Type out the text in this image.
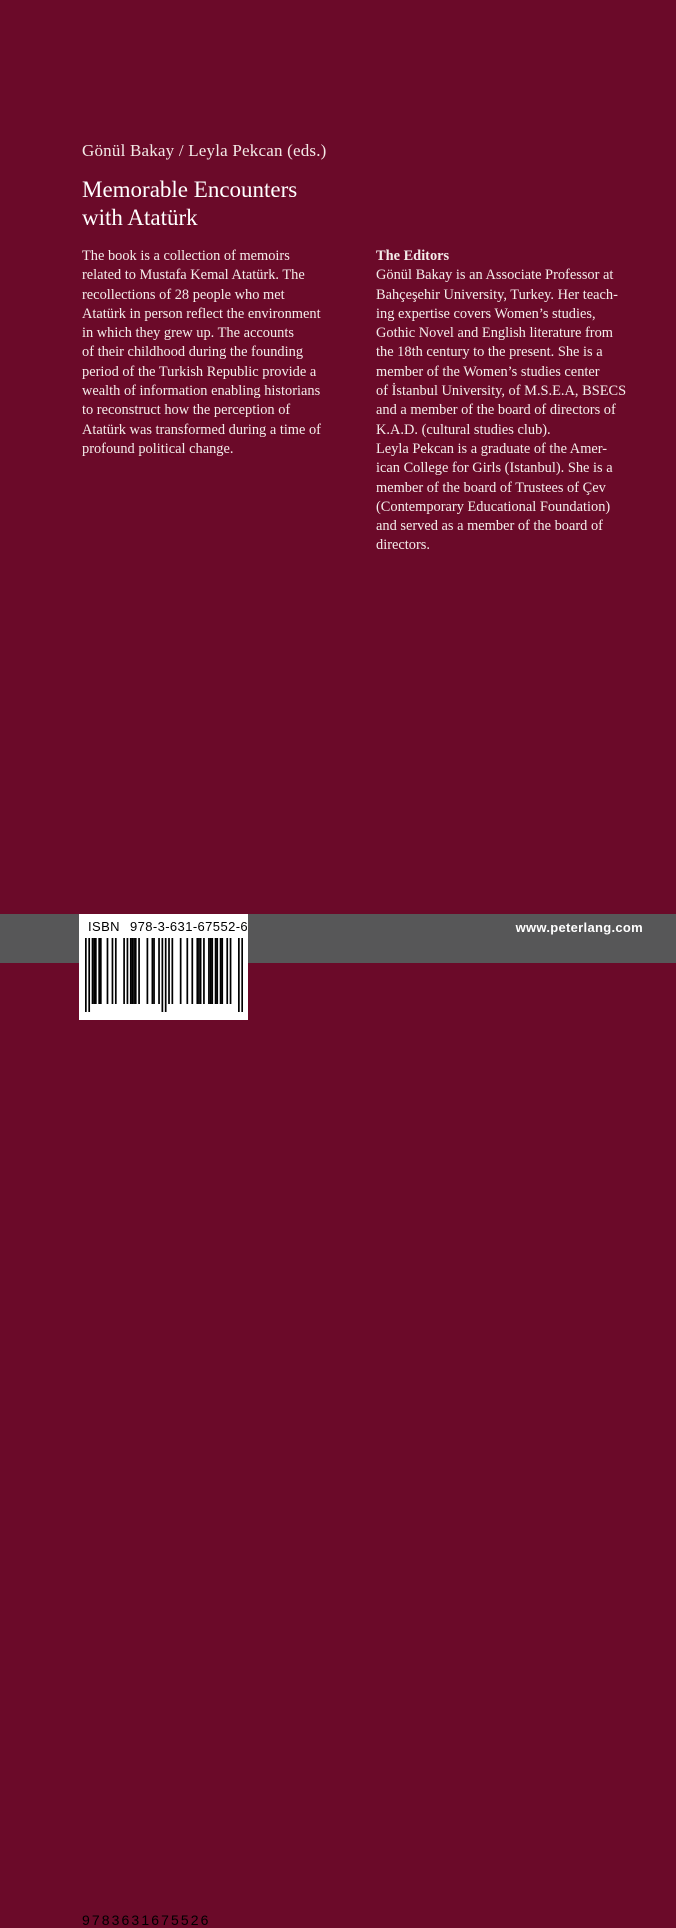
Gönül Bakay / Leyla Pekcan (eds.)
Memorable Encounters
with Atatürk
The book is a collection of memoirs
related to Mustafa Kemal Atatürk. The
recollections of 28 people who met
Atatürk in person reflect the environment
in which they grew up. The accounts
of their childhood during the founding
period of the Turkish Republic provide a
wealth of information enabling historians
to reconstruct how the perception of
Atatürk was transformed during a time of
profound political change.
The Editors
Gönül Bakay is an Associate Professor at
Bahçeşehir University, Turkey. Her teach-
ing expertise covers Women’s studies,
Gothic Novel and English literature from
the 18th century to the present. She is a
member of the Women’s studies center
of İstanbul University, of M.S.E.A, BSECS
and a member of the board of directors of
K.A.D. (cultural studies club).
Leyla Pekcan is a graduate of the Amer-
ican College for Girls (Istanbul). She is a
member of the board of Trustees of Çev
(Contemporary Educational Foundation)
and served as a member of the board of
directors.
www.peterlang.com
ISBN 978-3-631-67552-6
9783631675526
